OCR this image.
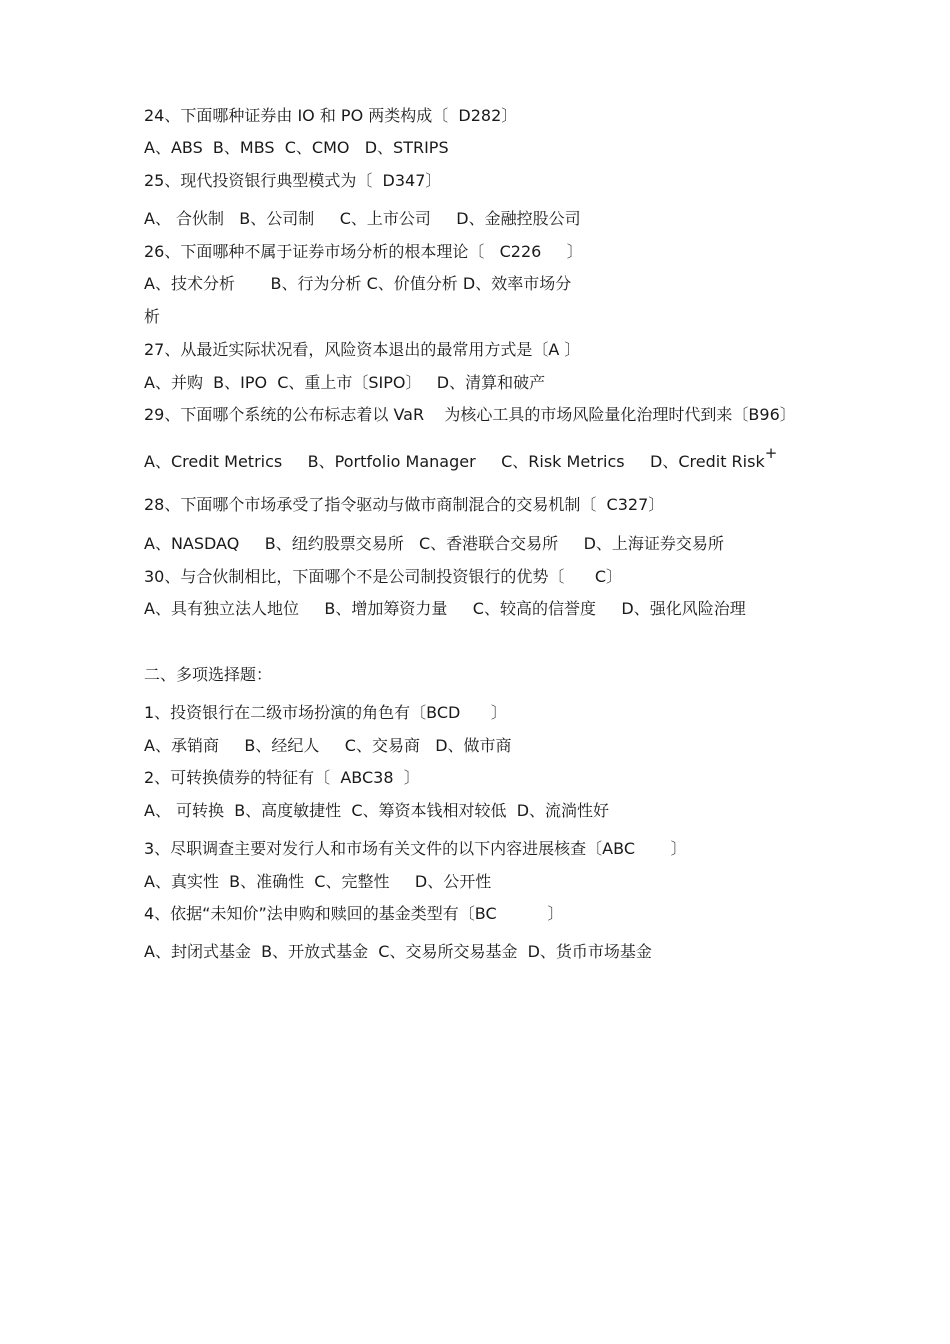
24、下面哪种证券由 IO 和 PO 两类构成〔  D282〕
A、ABS  B、MBS  C、CMO   D、STRIPS
25、现代投资银行典型模式为〔  D347〕
A、 合伙制   B、公司制     C、上市公司     D、金融控股公司
26、下面哪种不属于证券市场分析的根本理论〔   C226     〕
A、技术分析       B、行为分析 C、价值分析 D、效率市场分
析
27、从最近实际状况看，风险资本退出的最常用方式是〔A 〕
A、并购  B、IPO  C、重上市〔SIPO〕   D、清算和破产
29、下面哪个系统的公布标志着以 VaR    为核心工具的市场风险量化治理时代到来〔B96〕
A、Credit Metrics     B、Portfolio Manager     C、Risk Metrics     D、Credit Risk+
28、下面哪个市场承受了指令驱动与做市商制混合的交易机制〔  C327〕
A、NASDAQ     B、纽约股票交易所   C、香港联合交易所     D、上海证券交易所
30、与合伙制相比，下面哪个不是公司制投资银行的优势〔      C〕
A、具有独立法人地位     B、增加筹资力量     C、较高的信誉度     D、强化风险治理
二、多项选择题：
1、投资银行在二级市场扮演的角色有〔BCD      〕
A、承销商     B、经纪人     C、交易商   D、做市商
2、可转换债券的特征有〔  ABC38  〕
A、 可转换  B、高度敏捷性  C、筹资本钱相对较低  D、流淌性好
3、尽职调查主要对发行人和市场有关文件的以下内容进展核查〔ABC       〕
A、真实性  B、准确性  C、完整性     D、公开性
4、依据“未知价”法申购和赎回的基金类型有〔BC          〕
A、封闭式基金  B、开放式基金  C、交易所交易基金  D、货币市场基金
